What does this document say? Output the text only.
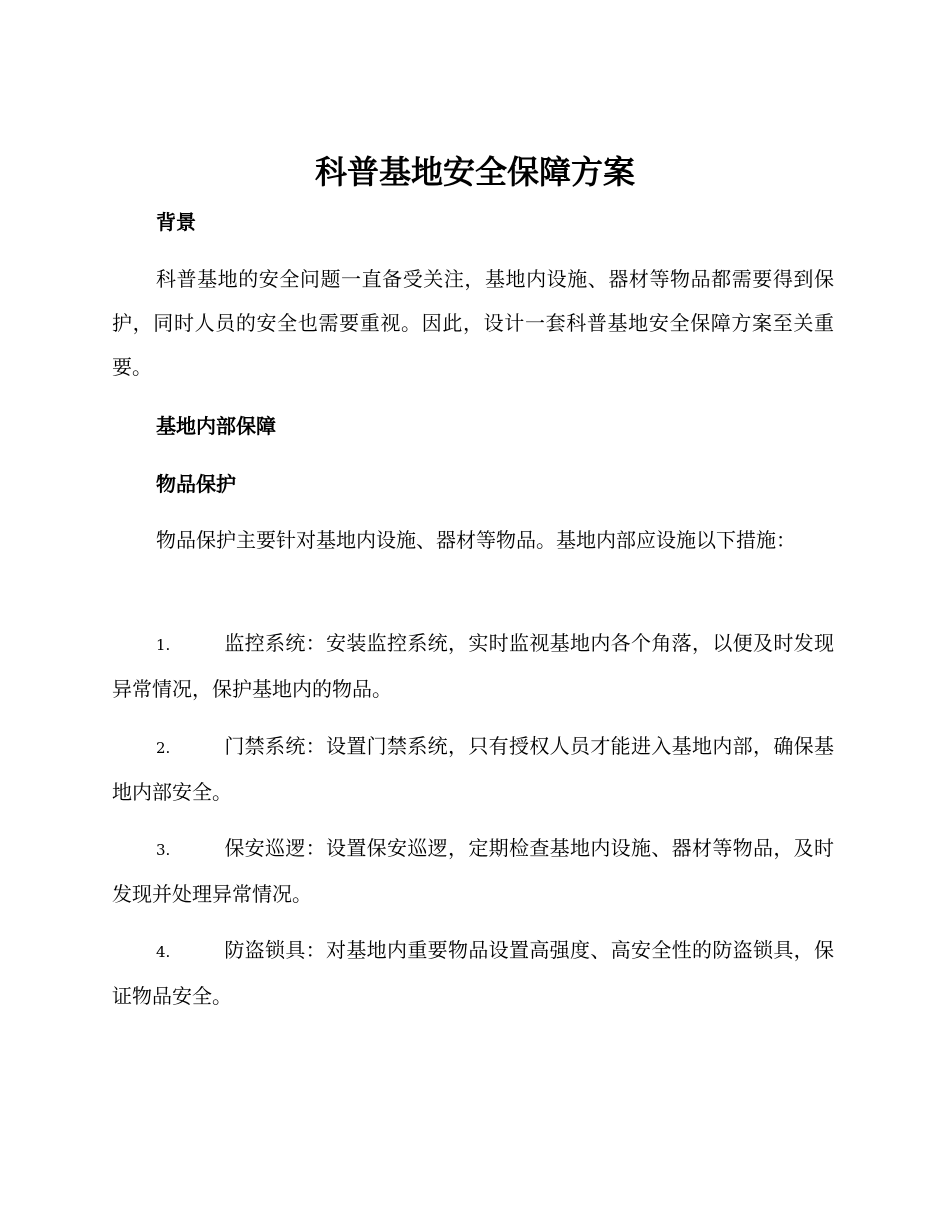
科普基地安全保障方案
背景

科普基地的安全问题一直备受关注，基地内设施、器材等物品都需要得到保护，同时人员的安全也需要重视。因此，设计一套科普基地安全保障方案至关重要。

基地内部保障
物品保护

物品保护主要针对基地内设施、器材等物品。基地内部应设施以下措施：

1.	监控系统：安装监控系统，实时监视基地内各个角落，以便及时发现异常情况，保护基地内的物品。

2.	门禁系统：设置门禁系统，只有授权人员才能进入基地内部，确保基地内部安全。

3.	保安巡逻：设置保安巡逻，定期检查基地内设施、器材等物品，及时发现并处理异常情况。

4.	防盗锁具：对基地内重要物品设置高强度、高安全性的防盗锁具，保证物品安全。
